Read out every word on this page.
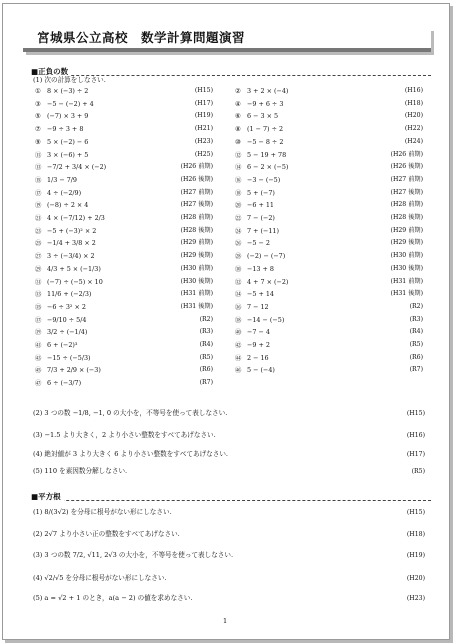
宮城県公立高校　数学計算問題演習
■正負の数
(1) 次の計算をしなさい.
① 8 × (−3) ÷ 2	(H15)
③ −5 − (−2) + 4	(H17)
⑤ (−7) × 3 + 9	(H19)
⑦ −9 ÷ 3 + 8	(H21)
⑨ 5 × (−2) − 6	(H23)
⑪ 3 × (−6) + 5	(H25)
⑬ −7/2 + 3/4 × (−2)	(H26 前期)
⑮ 1/3 − 7/9	(H26 後期)
⑰ 4 ÷ (−2/9)	(H27 前期)
⑲ (−8) ÷ 2 × 4	(H27 後期)
㉑ 4 × (−7/12) + 2/3	(H28 前期)
㉓ −5 + (−3)² × 2	(H28 後期)
㉕ −1/4 + 3/8 × 2	(H29 前期)
㉗ 3 ÷ (−3/4) × 2	(H29 後期)
㉙ 4/3 + 5 × (−1/3)	(H30 前期)
㉛ (−7) ÷ (−5) × 10	(H30 後期)
㉝ 11/6 + (−2/3)	(H31 前期)
㉟ −6 ÷ 3² × 2	(H31 後期)
㊲ −9/10 ÷ 5/4	(R2)
㊴ 3/2 ÷ (−1/4)	(R3)
㊶ 6 + (−2)³	(R4)
㊸ −15 ÷ (−5/3)	(R5)
㊺ 7/3 + 2/9 × (−3)	(R6)
㊼ 6 ÷ (−3/7)	(R7)
② 3 + 2 × (−4)	(H16)
④ −9 + 6 ÷ 3	(H18)
⑥ 6 − 3 × 5	(H20)
⑧ (1 − 7) ÷ 2	(H22)
⑩ −5 − 8 ÷ 2	(H24)
⑫ 5 − 19 + 78	(H26 前期)
⑭ 6 − 2 × (−5)	(H26 後期)
⑯ −3 − (−5)	(H27 前期)
⑱ 5 + (−7)	(H27 後期)
⑳ −6 + 11	(H28 前期)
㉒ 7 − (−2)	(H28 後期)
㉔ 7 + (−11)	(H29 前期)
㉖ −5 − 2	(H29 後期)
㉘ (−2) − (−7)	(H30 前期)
㉚ −13 + 8	(H30 後期)
㉜ 4 + 7 × (−2)	(H31 前期)
㉞ −5 + 14	(H31 後期)
㊱ 7 − 12	(R2)
㊳ −14 − (−5)	(R3)
㊵ −7 − 4	(R4)
㊷ −9 + 2	(R5)
㊹ 2 − 16	(R6)
㊻ 5 − (−4)	(R7)
(2) 3 つの数 −1/8, −1, 0 の大小を，不等号を使って表しなさい.	(H15)
(3) −1.5 より大きく，2 より小さい整数をすべてあげなさい.	(H16)
(4) 絶対値が 3 より大きく 6 より小さい整数をすべてあげなさい.	(H17)
(5) 110 を素因数分解しなさい.	(R5)
■平方根
(1) 8/(3√2) を分母に根号がない形にしなさい.	(H15)
(2) 2√7 より小さい正の整数をすべてあげなさい.	(H18)
(3) 3 つの数 7/2, √11, 2√3 の大小を，不等号を使って表しなさい.	(H19)
(4) √2/√5 を分母に根号がない形にしなさい.	(H20)
(5) a = √2 + 1 のとき，a(a − 2) の値を求めなさい.	(H23)
1
